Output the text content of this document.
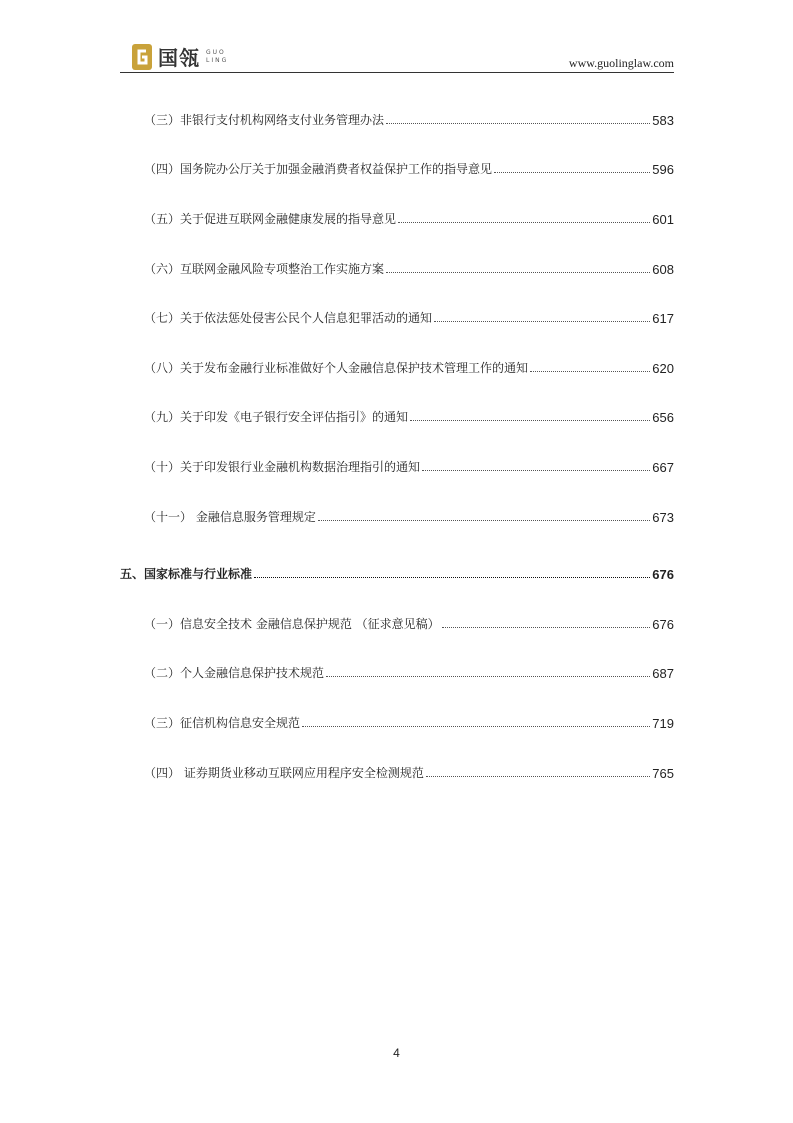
国瓴 GUO
LING	www.guolinglaw.com
（三）非银行支付机构网络支付业务管理办法	583
（四）国务院办公厅关于加强金融消费者权益保护工作的指导意见	596
（五）关于促进互联网金融健康发展的指导意见	601
（六）互联网金融风险专项整治工作实施方案	608
（七）关于依法惩处侵害公民个人信息犯罪活动的通知	617
（八）关于发布金融行业标准做好个人金融信息保护技术管理工作的通知	620
（九）关于印发《电子银行安全评估指引》的通知	656
（十）关于印发银行业金融机构数据治理指引的通知	667
（十一） 金融信息服务管理规定	673
五、国家标准与行业标准	676
（一）信息安全技术 金融信息保护规范 （征求意见稿）	676
（二）个人金融信息保护技术规范	687
（三）征信机构信息安全规范	719
（四） 证券期货业移动互联网应用程序安全检测规范	765
4
